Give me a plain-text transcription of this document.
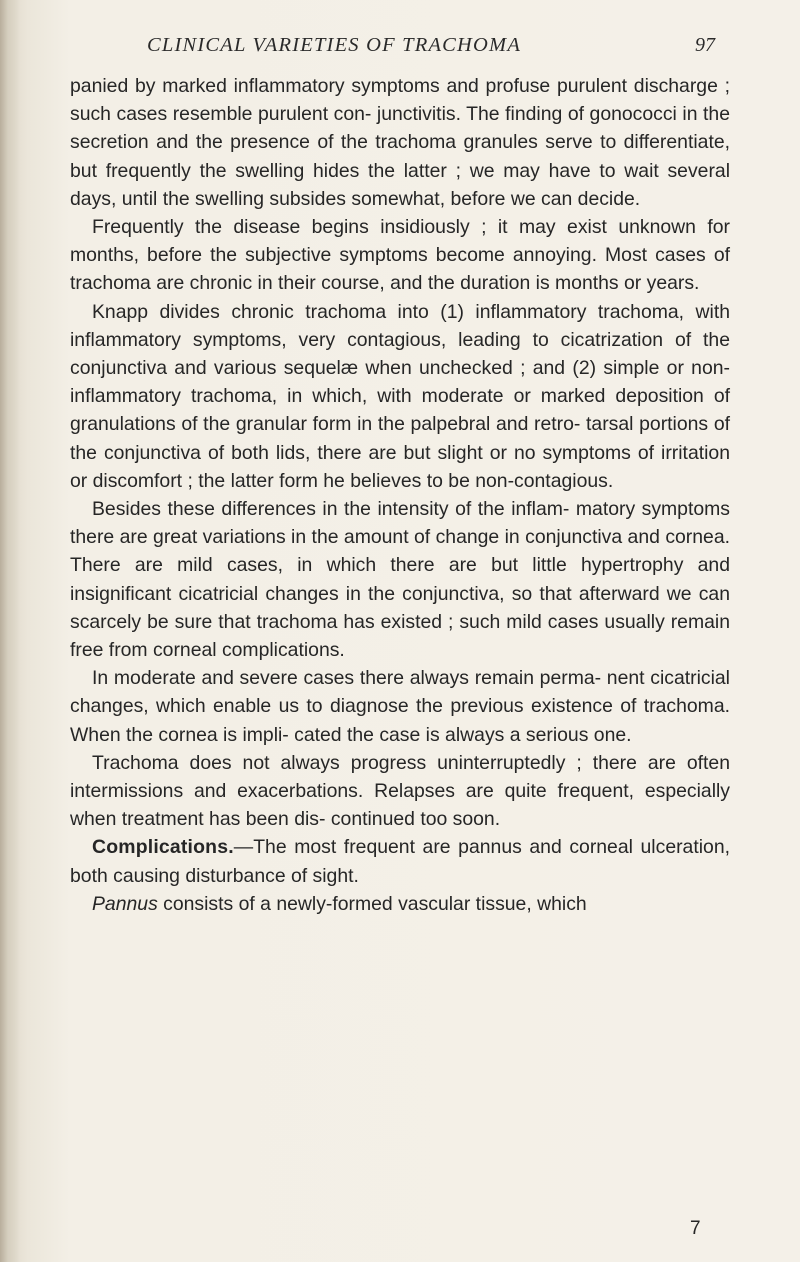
CLINICAL VARIETIES OF TRACHOMA	97

panied by marked inflammatory symptoms and profuse purulent discharge ; such cases resemble purulent con- junctivitis. The finding of gonococci in the secretion and the presence of the trachoma granules serve to differentiate, but frequently the swelling hides the latter ; we may have to wait several days, until the swelling subsides somewhat, before we can decide.

Frequently the disease begins insidiously ; it may exist unknown for months, before the subjective symptoms become annoying. Most cases of trachoma are chronic in their course, and the duration is months or years.

Knapp divides chronic trachoma into (1) inflammatory trachoma, with inflammatory symptoms, very contagious, leading to cicatrization of the conjunctiva and various sequelæ when unchecked ; and (2) simple or non-inflammatory trachoma, in which, with moderate or marked deposition of granulations of the granular form in the palpebral and retro- tarsal portions of the conjunctiva of both lids, there are but slight or no symptoms of irritation or discomfort ; the latter form he believes to be non-contagious.

Besides these differences in the intensity of the inflam- matory symptoms there are great variations in the amount of change in conjunctiva and cornea. There are mild cases, in which there are but little hypertrophy and insignificant cicatricial changes in the conjunctiva, so that afterward we can scarcely be sure that trachoma has existed ; such mild cases usually remain free from corneal complications.

In moderate and severe cases there always remain perma- nent cicatricial changes, which enable us to diagnose the previous existence of trachoma. When the cornea is impli- cated the case is always a serious one.

Trachoma does not always progress uninterruptedly ; there are often intermissions and exacerbations. Relapses are quite frequent, especially when treatment has been dis- continued too soon.

Complications.—The most frequent are pannus and corneal ulceration, both causing disturbance of sight.

Pannus consists of a newly-formed vascular tissue, which

7
